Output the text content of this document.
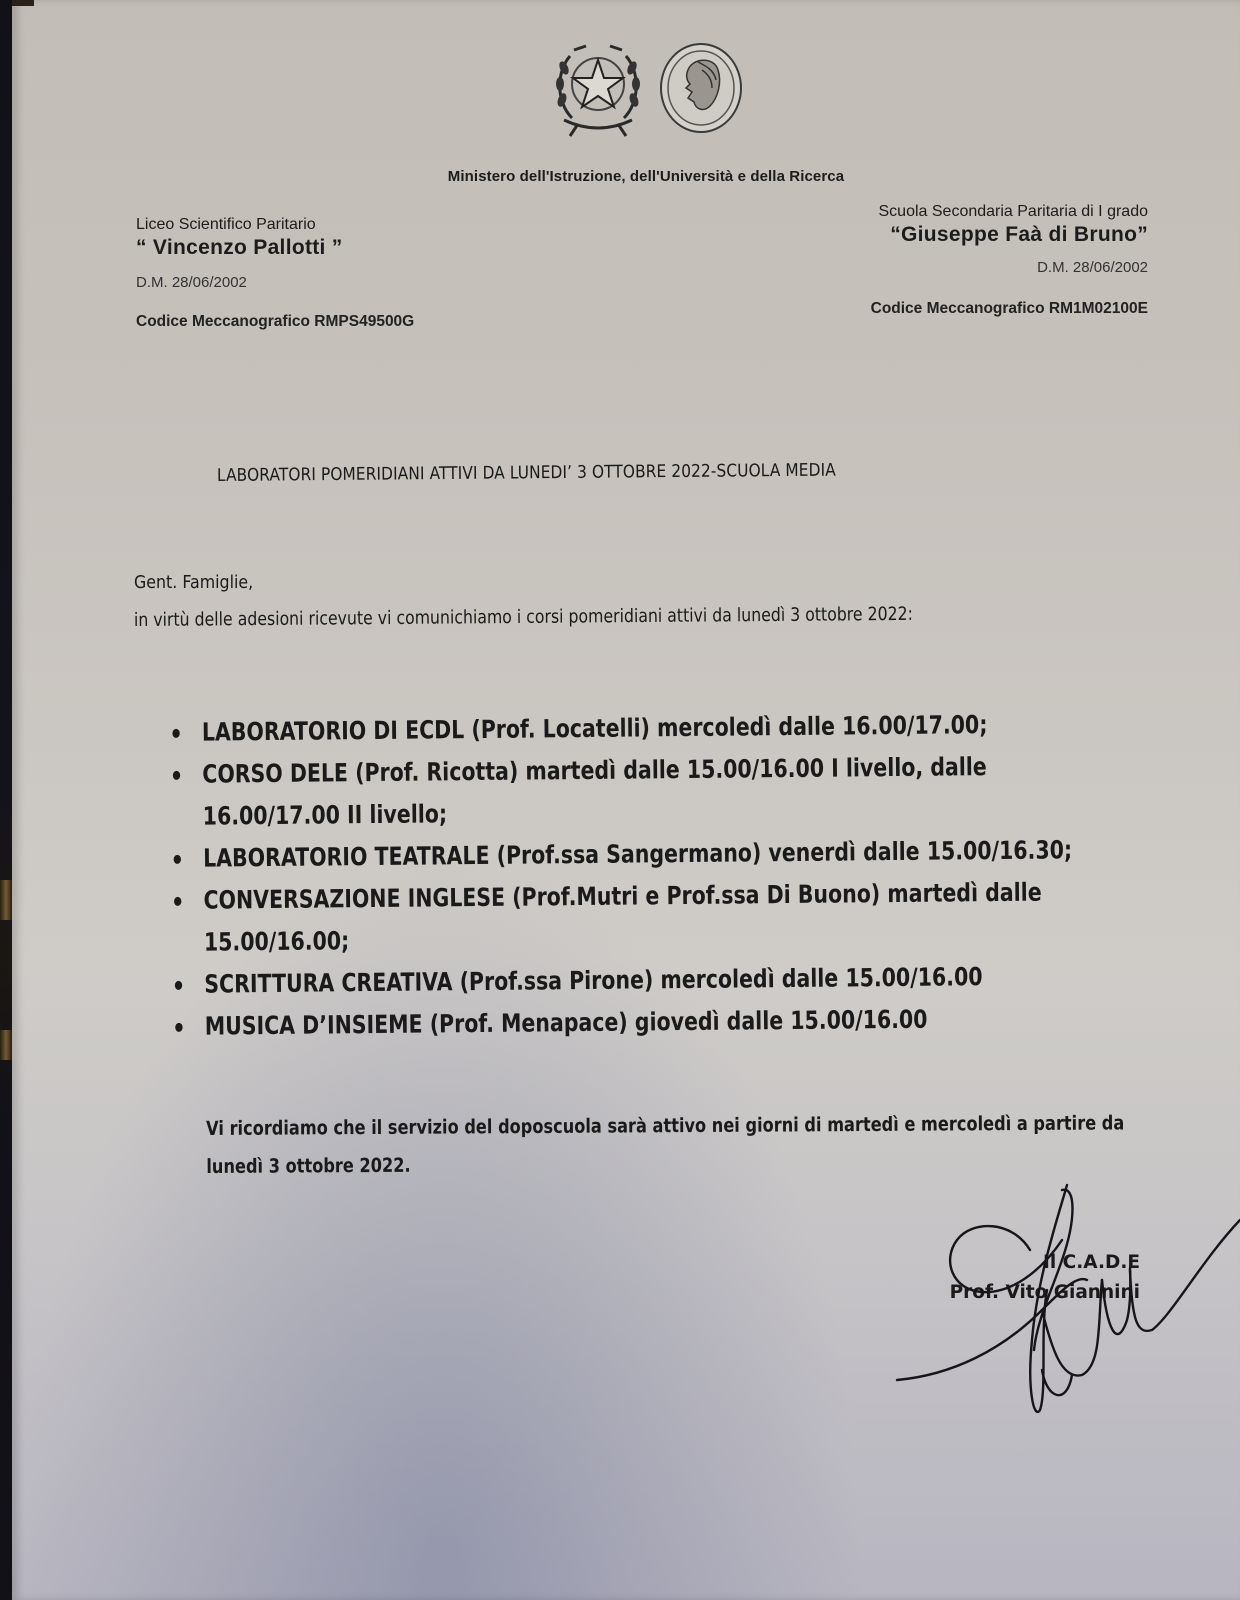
Ministero dell'Istruzione, dell'Università e della Ricerca
Liceo Scientifico Paritario
“ Vincenzo Pallotti ”
D.M. 28/06/2002
Codice Meccanografico RMPS49500G
Scuola Secondaria Paritaria di I grado
“Giuseppe Faà di Bruno”
D.M. 28/06/2002
Codice Meccanografico RM1M02100E
LABORATORI POMERIDIANI ATTIVI DA LUNEDI’ 3 OTTOBRE 2022-SCUOLA MEDIA
Gent. Famiglie,
in virtù delle adesioni ricevute vi comunichiamo i corsi pomeridiani attivi da lunedì 3 ottobre 2022:
LABORATORIO DI ECDL (Prof. Locatelli) mercoledì dalle 16.00/17.00;
CORSO DELE (Prof. Ricotta) martedì dalle 15.00/16.00 I livello, dalle 16.00/17.00 II livello;
LABORATORIO TEATRALE (Prof.ssa Sangermano) venerdì dalle 15.00/16.30;
CONVERSAZIONE INGLESE (Prof.Mutri e Prof.ssa Di Buono) martedì dalle 15.00/16.00;
SCRITTURA CREATIVA (Prof.ssa Pirone) mercoledì dalle 15.00/16.00
MUSICA D’INSIEME (Prof. Menapace) giovedì dalle 15.00/16.00
Vi ricordiamo che il servizio del doposcuola sarà attivo nei giorni di martedì e mercoledì a partire da lunedì 3 ottobre 2022.
Il C.A.D.E
Prof. Vito Giannini
